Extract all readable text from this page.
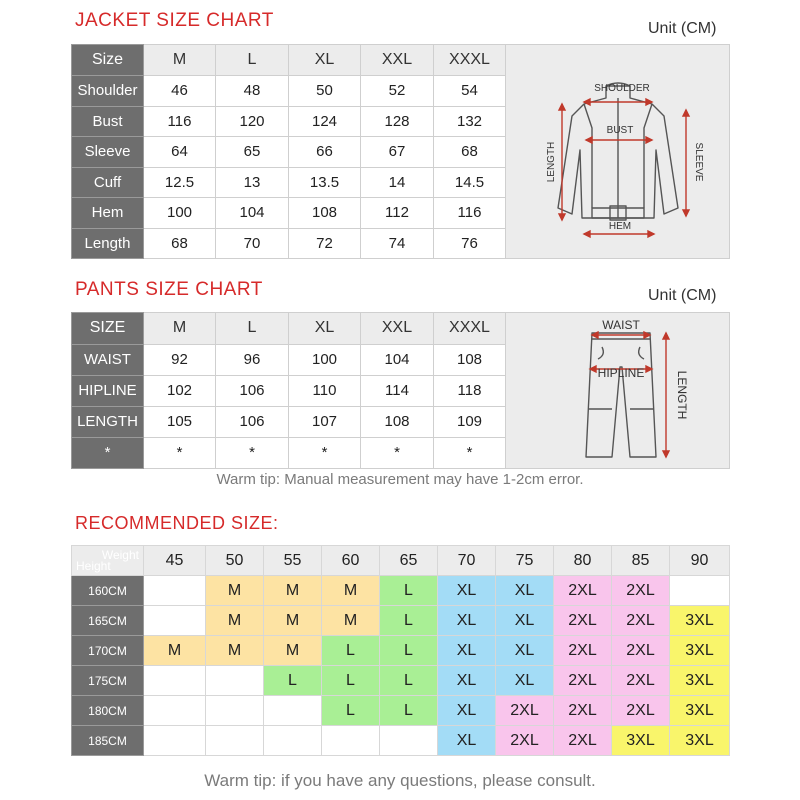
JACKET SIZE CHART	Unit (CM)
Size	M	L	XL	XXL	XXXL	SHOULDER
BUST
HEM
LENGTH SLEEVE

Shoulder	46	48	50	52	54	
Bust	116	120	124	128	132	
Sleeve	64	65	66	67	68	
Cuff	12.5	13	13.5	14	14.5	
Hem	100	104	108	112	116	
Length	68	70	72	74	76	
PANTS SIZE CHART	Unit (CM)
SIZE	M	L	XL	XXL	XXXL	WAIST
HIPLINE LENGTH

WAIST	92	96	100	104	108	
HIPLINE	102	106	110	114	118	
LENGTH	105	106	107	108	109	
*	*	*	*	*	*	
Warm tip: Manual measurement may have 1-2cm error.
RECOMMENDED SIZE:
Weight
Height	45	50	55	60	65	70	75	80	85	90
160CM		M	M	M	L	XL	XL	2XL	2XL	
165CM		M	M	M	L	XL	XL	2XL	2XL	3XL
170CM	M	M	M	L	L	XL	XL	2XL	2XL	3XL
175CM			L	L	L	XL	XL	2XL	2XL	3XL
180CM				L	L	XL	2XL	2XL	2XL	3XL
185CM						XL	2XL	2XL	3XL	3XL
Warm tip: if you have any questions, please consult.
